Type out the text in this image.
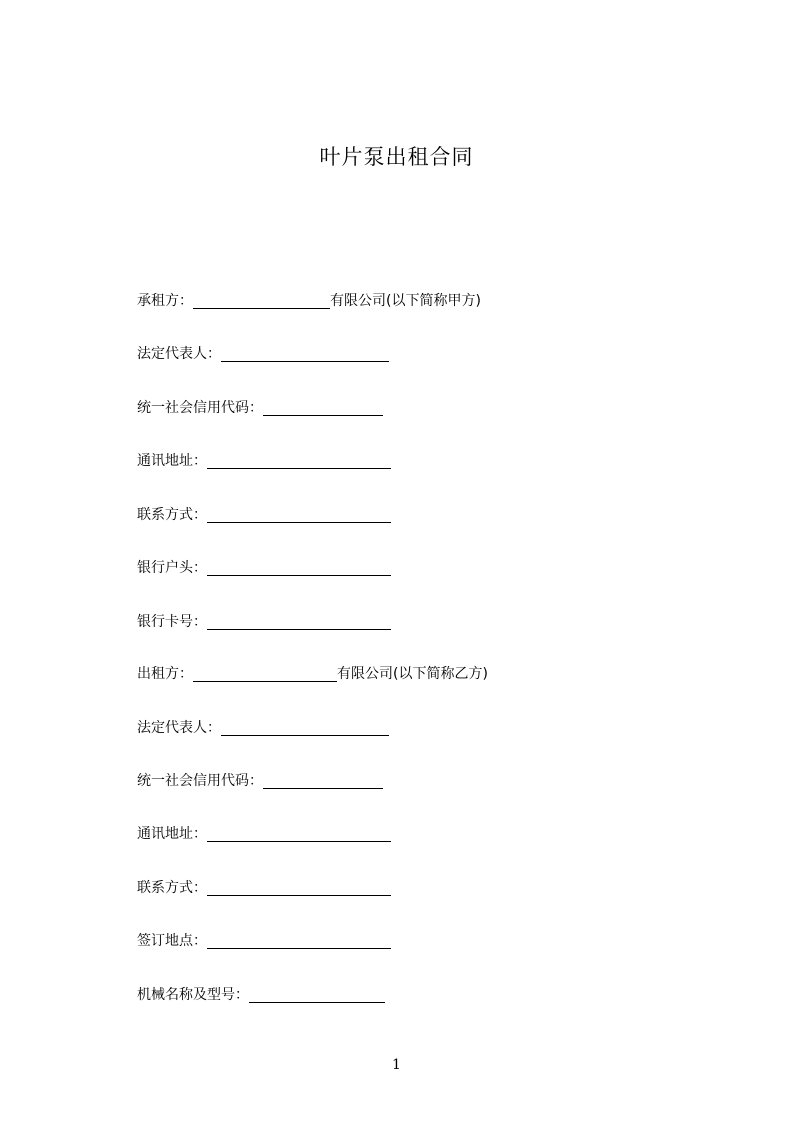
叶片泵出租合同
承租方：	有限公司(以下简称甲方)
法定代表人：
统一社会信用代码：
通讯地址：
联系方式：
银行户头：
银行卡号：
出租方：	有限公司(以下简称乙方)
法定代表人：
统一社会信用代码：
通讯地址：
联系方式：
签订地点：
机械名称及型号：
1
